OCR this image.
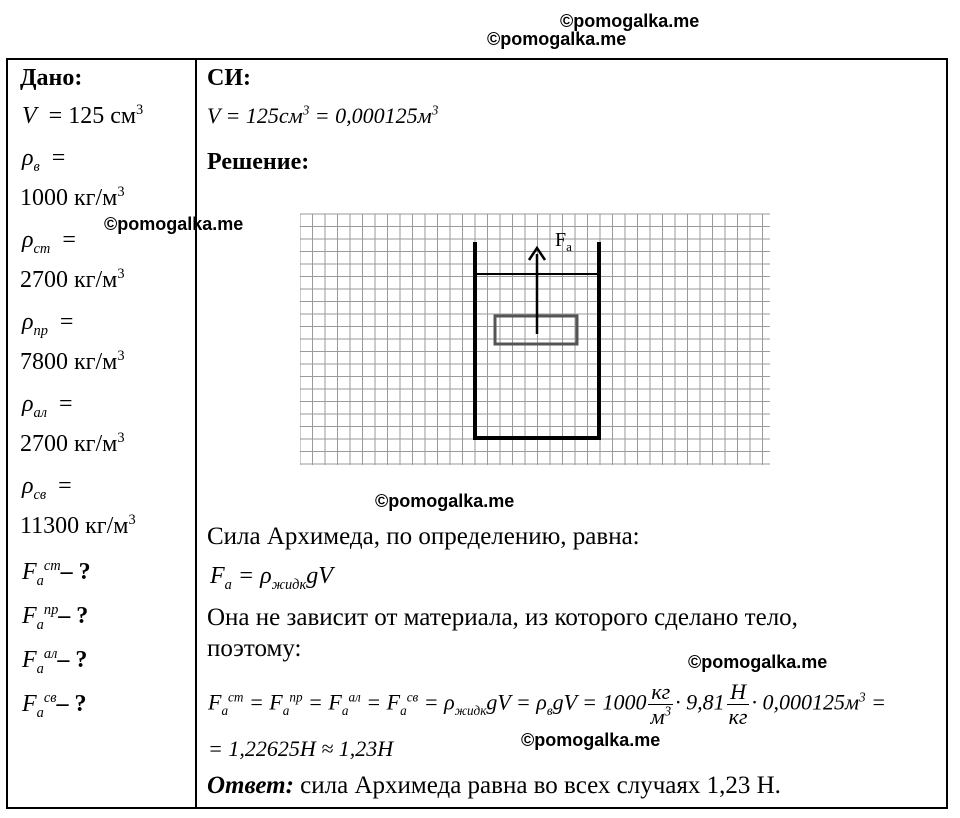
©pomogalka.me
©pomogalka.me
Дано:
V = 125 $см^3$
$\rho_в$ =
1000 $кг/м^3$
$\rho_{ст}$ =
2700 $кг/м^3$
$\rho_{пр}$ =
7800 $кг/м^3$
$\rho_{ал}$ =
2700 $кг/м^3$
$\rho_{св}$ =
11300 $кг/м^3$
$F_а^{ст}-$ ?
$F_а^{пр}-$ ?
$F_а^{ал}-$ ?
$F_а^{св}-$ ?
©pomogalka.me
СИ:
$V = 125см^3 = 0,000125м^3$
Решение:
$F_a$
©pomogalka.me
Сила Архимеда, по определению, равна:
$F_a = \rho_{жидк}gV$
Она не зависит от материала, из которого сделано тело,
поэтому:	©pomogalka.me
$F_а^{ст} = F_а^{пр} = F_а^{ал} = F_а^{св} = \rho_{жидк}gV = \rho_вgV = 1000 \frac{кг}{м^3} \cdot 9,81 \frac{Н}{кг} \cdot 0,000125м^3$ =
©pomogalka.me
= 1,22625Н ≈ 1,23Н
Ответ: сила Архимеда равна во всех случаях 1,23 Н.
